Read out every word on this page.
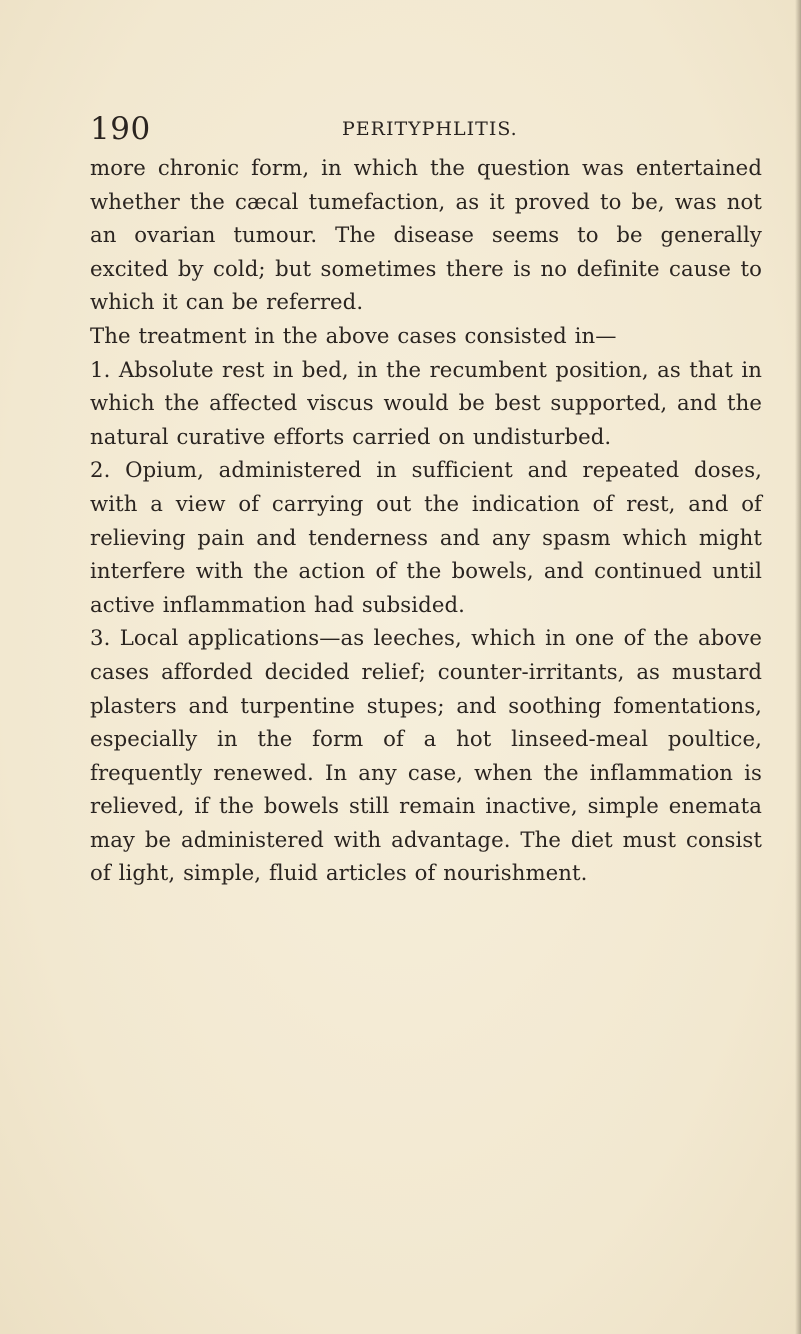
190	PERITYPHLITIS.

more chronic form, in which the question was entertained whether the cæcal tumefaction, as it proved to be, was not an ovarian tumour. The disease seems to be generally excited by cold; but sometimes there is no definite cause to which it can be referred.

The treatment in the above cases consisted in—

1. Absolute rest in bed, in the recumbent position, as that in which the affected viscus would be best supported, and the natural curative efforts carried on undisturbed.

2. Opium, administered in sufficient and repeated doses, with a view of carrying out the indication of rest, and of relieving pain and tenderness and any spasm which might interfere with the action of the bowels, and continued until active inflammation had subsided.

3. Local applications—as leeches, which in one of the above cases afforded decided relief; counter-irritants, as mustard plasters and turpentine stupes; and soothing fomentations, especially in the form of a hot linseed-meal poultice, frequently renewed. In any case, when the inflammation is relieved, if the bowels still remain inactive, simple enemata may be administered with advantage. The diet must consist of light, simple, fluid articles of nourishment.
